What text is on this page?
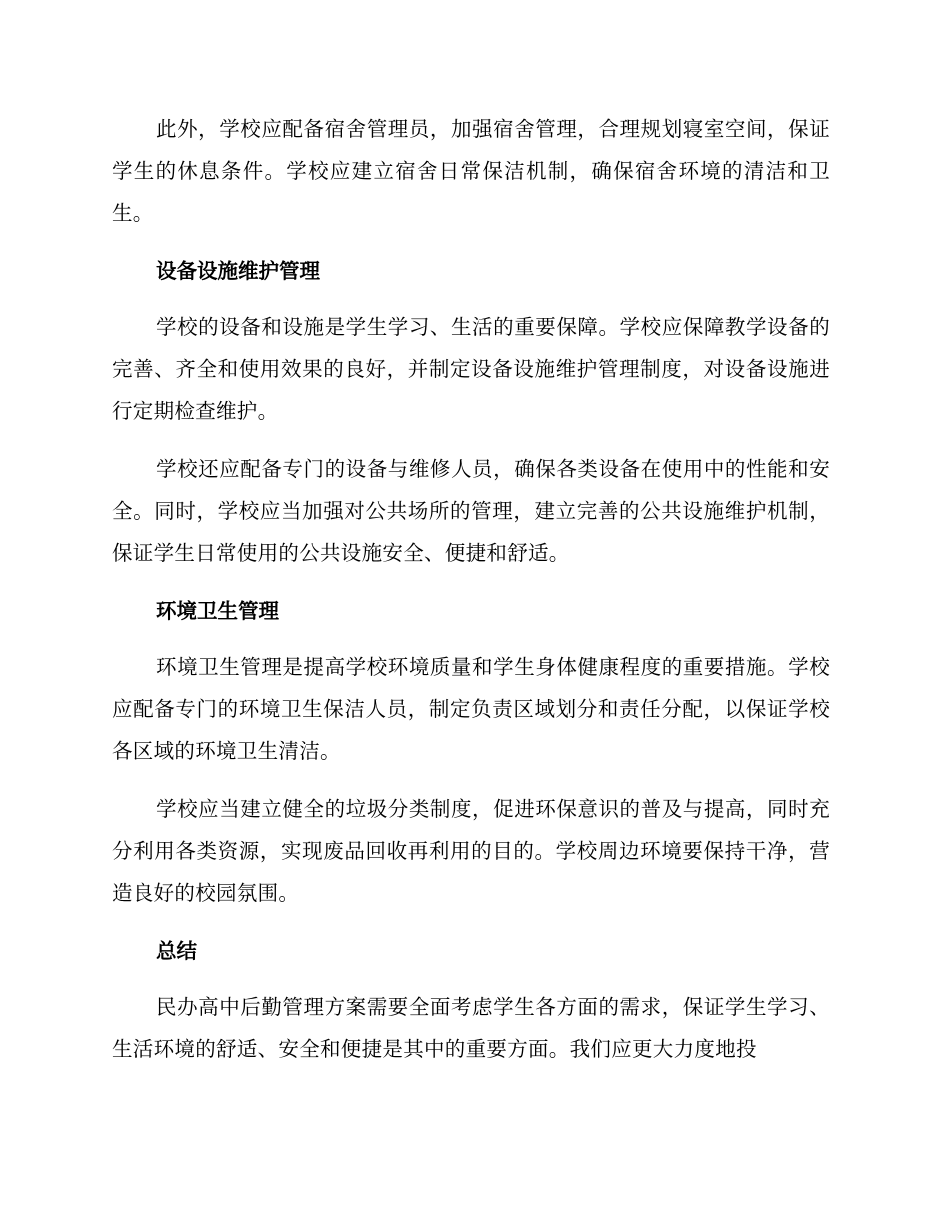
此外，学校应配备宿舍管理员，加强宿舍管理，合理规划寝室空间，保证学生的休息条件。学校应建立宿舍日常保洁机制，确保宿舍环境的清洁和卫生。

设备设施维护管理

学校的设备和设施是学生学习、生活的重要保障。学校应保障教学设备的完善、齐全和使用效果的良好，并制定设备设施维护管理制度，对设备设施进行定期检查维护。

学校还应配备专门的设备与维修人员，确保各类设备在使用中的性能和安全。同时，学校应当加强对公共场所的管理，建立完善的公共设施维护机制，保证学生日常使用的公共设施安全、便捷和舒适。

环境卫生管理

环境卫生管理是提高学校环境质量和学生身体健康程度的重要措施。学校应配备专门的环境卫生保洁人员，制定负责区域划分和责任分配，以保证学校各区域的环境卫生清洁。

学校应当建立健全的垃圾分类制度，促进环保意识的普及与提高，同时充分利用各类资源，实现废品回收再利用的目的。学校周边环境要保持干净，营造良好的校园氛围。

总结

民办高中后勤管理方案需要全面考虑学生各方面的需求，保证学生学习、生活环境的舒适、安全和便捷是其中的重要方面。我们应更大力度地投
